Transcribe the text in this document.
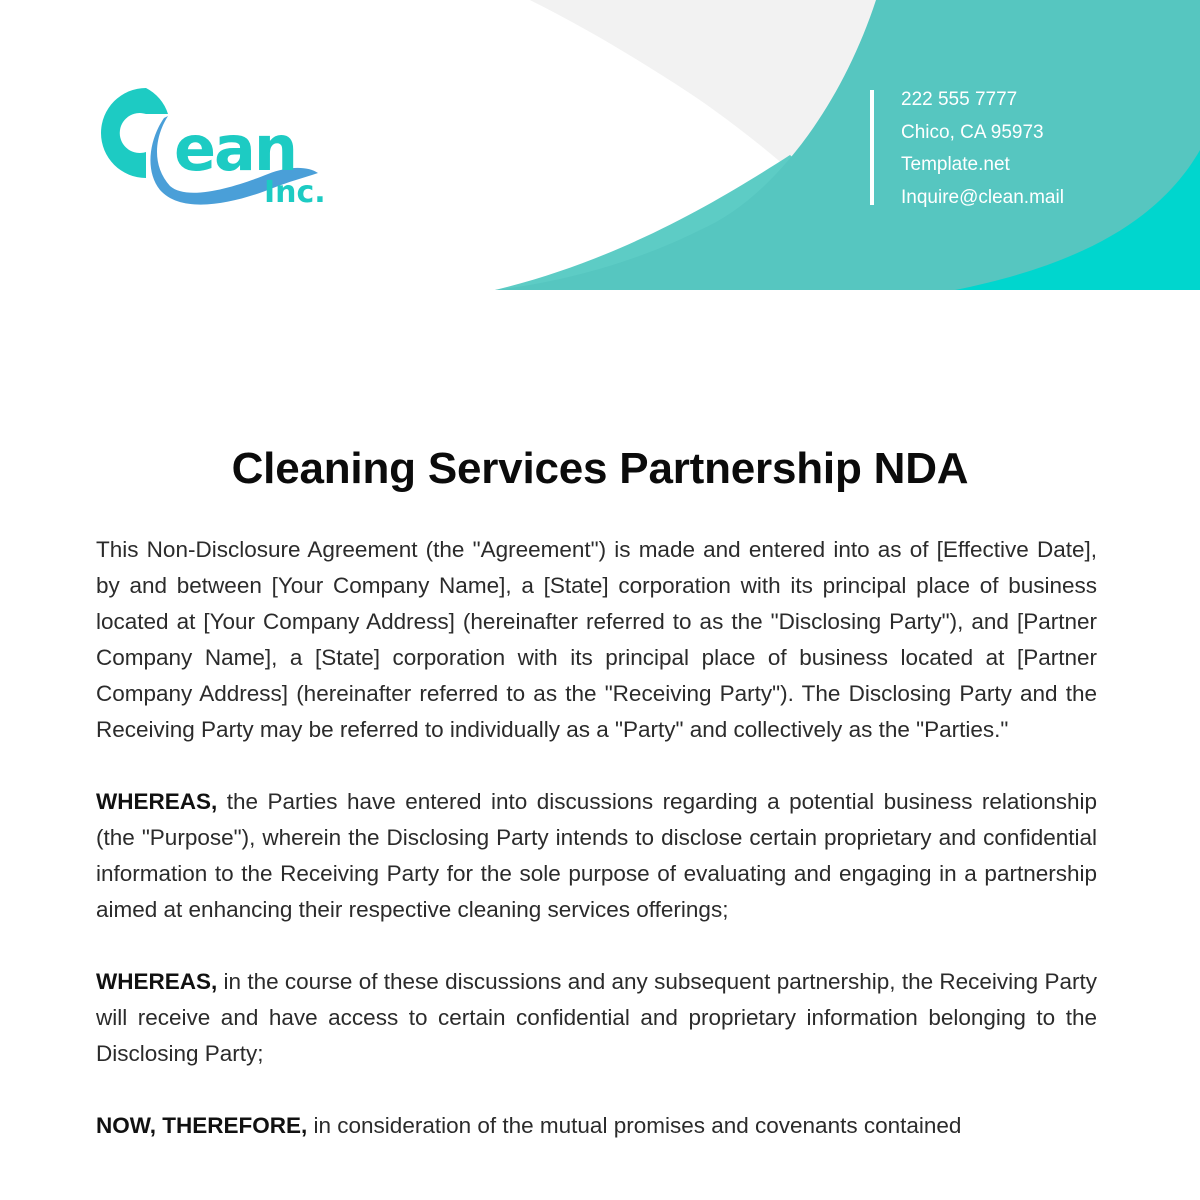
ean
Inc.
222 555 7777
Chico, CA 95973
Template.net
Inquire@clean.mail
Cleaning Services Partnership NDA

This Non-Disclosure Agreement (the "Agreement") is made and entered into as of [Effective Date], by and between [Your Company Name], a [State] corporation with its principal place of business located at [Your Company Address] (hereinafter referred to as the "Disclosing Party"), and [Partner Company Name], a [State] corporation with its principal place of business located at [Partner Company Address] (hereinafter referred to as the "Receiving Party"). The Disclosing Party and the Receiving Party may be referred to individually as a "Party" and collectively as the "Parties."

WHEREAS, the Parties have entered into discussions regarding a potential business relationship (the "Purpose"), wherein the Disclosing Party intends to disclose certain proprietary and confidential information to the Receiving Party for the sole purpose of evaluating and engaging in a partnership aimed at enhancing their respective cleaning services offerings;

WHEREAS, in the course of these discussions and any subsequent partnership, the Receiving Party will receive and have access to certain confidential and proprietary information belonging to the Disclosing Party;

NOW, THEREFORE, in consideration of the mutual promises and covenants contained
